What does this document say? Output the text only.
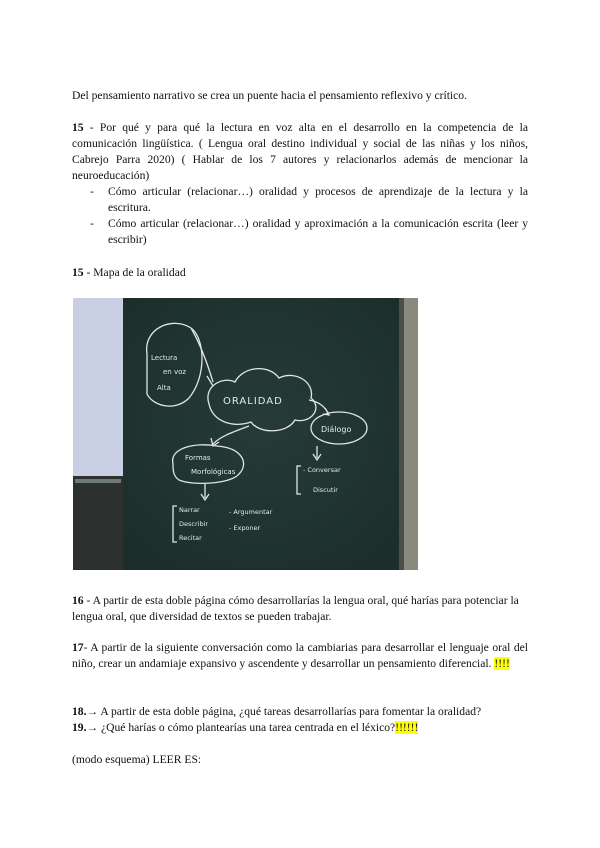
Del pensamiento narrativo se crea un puente hacia el pensamiento reflexivo y crítico.

15 - Por qué y para qué la lectura en voz alta en el desarrollo en la competencia de la comunicación lingüística. ( Lengua oral destino individual y social de las niñas y los niños, Cabrejo Parra 2020) ( Hablar de los 7 autores y relacionarlos además de mencionar la neuroeducación)

- Cómo articular (relacionar…) oralidad y procesos de aprendizaje de la lectura y la escritura.
- Cómo articular (relacionar…) oralidad y aproximación a la comunicación escrita (leer y escribir)

15 - Mapa de la oralidad

Lectura
en voz
Alta
ORALIDAD
Diálogo
Formas
Morfológicas
Narrar
Describir
Recitar
- Argumentar
- Exponer
- Conversar
Discutir

16 - A partir de esta doble página cómo desarrollarías la lengua oral, qué harías para potenciar la lengua oral, que diversidad de textos se pueden trabajar.

17- A partir de la siguiente conversación como la cambiarias para desarrollar el lenguaje oral del niño, crear un andamiaje expansivo y ascendente y desarrollar un pensamiento diferencial. !!!!

18.→ A partir de esta doble página, ¿qué tareas desarrollarías para fomentar la oralidad?

19.→ ¿Qué harías o cómo plantearías una tarea centrada en el léxico?!!!!!!

(modo esquema) LEER ES:
